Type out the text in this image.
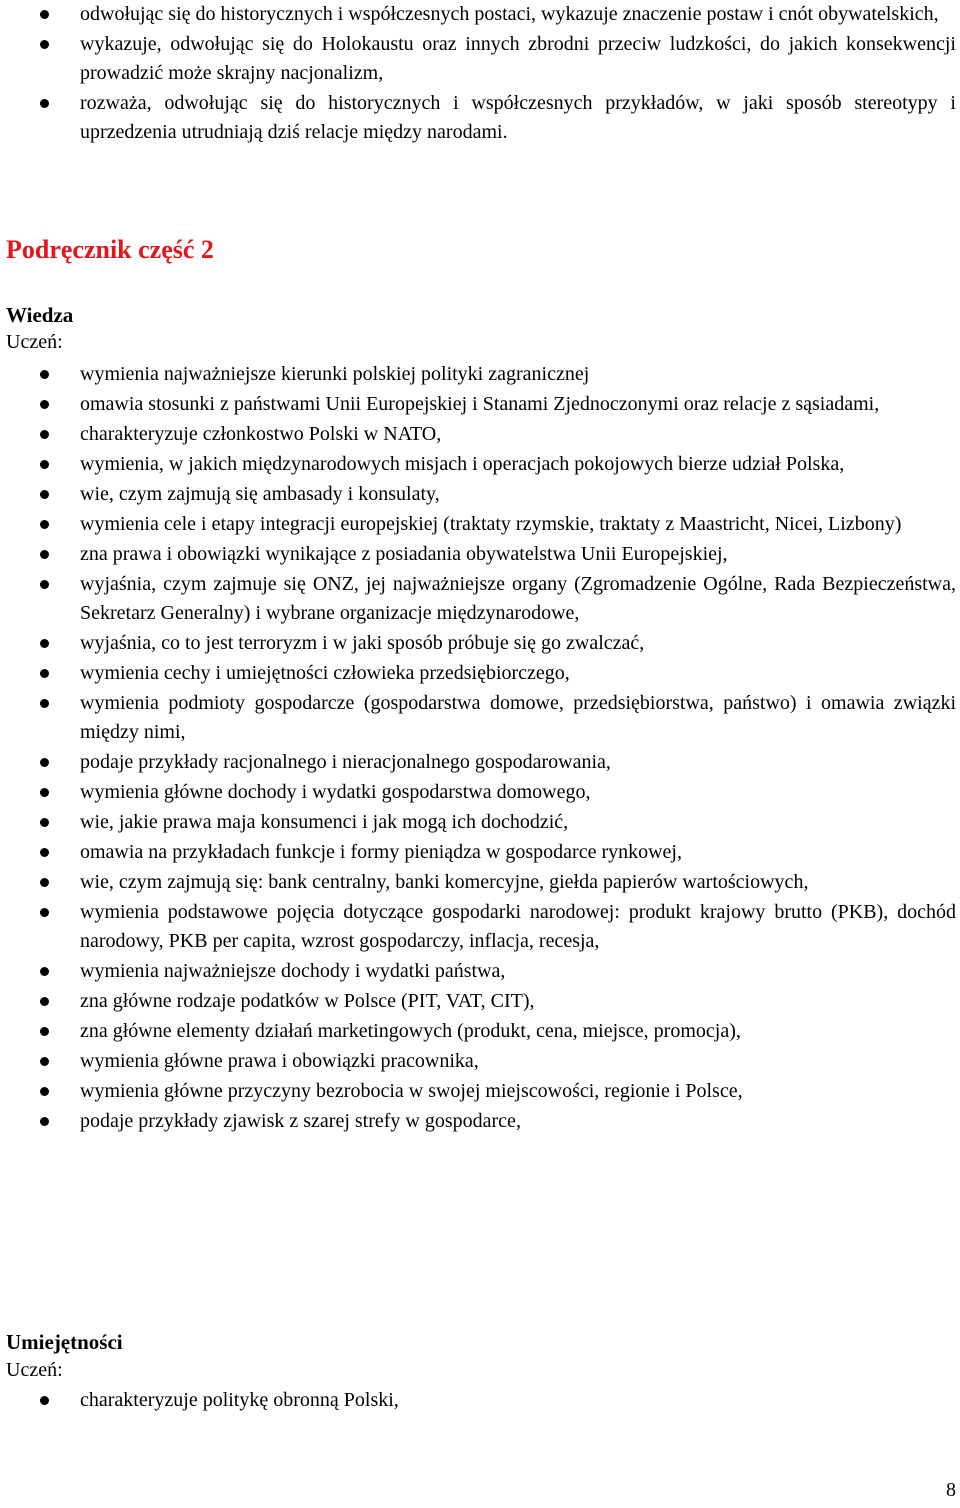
odwołując się do historycznych i współczesnych postaci, wykazuje znaczenie postaw i cnót obywatelskich,
wykazuje, odwołując się do Holokaustu oraz innych zbrodni przeciw ludzkości, do jakich konsekwencji prowadzić może skrajny nacjonalizm,
rozważa, odwołując się do historycznych i współczesnych przykładów, w jaki sposób stereotypy i uprzedzenia utrudniają dziś relacje między narodami.
Podręcznik część 2
Wiedza

Uczeń:

wymienia najważniejsze kierunki polskiej polityki zagranicznej
omawia stosunki z państwami Unii Europejskiej i Stanami Zjednoczonymi oraz relacje z sąsiadami,
charakteryzuje członkostwo Polski w NATO,
wymienia, w jakich międzynarodowych misjach i operacjach pokojowych bierze udział Polska,
wie, czym zajmują się ambasady i konsulaty,
wymienia cele i etapy integracji europejskiej (traktaty rzymskie, traktaty z Maastricht, Nicei, Lizbony)
zna prawa i obowiązki wynikające z posiadania obywatelstwa Unii Europejskiej,
wyjaśnia, czym zajmuje się ONZ, jej najważniejsze organy (Zgromadzenie Ogólne, Rada Bezpieczeństwa, Sekretarz Generalny) i wybrane organizacje międzynarodowe,
wyjaśnia, co to jest terroryzm i w jaki sposób próbuje się go zwalczać,
wymienia cechy i umiejętności człowieka przedsiębiorczego,
wymienia podmioty gospodarcze (gospodarstwa domowe, przedsiębiorstwa, państwo) i omawia związki między nimi,
podaje przykłady racjonalnego i nieracjonalnego gospodarowania,
wymienia główne dochody i wydatki gospodarstwa domowego,
wie, jakie prawa maja konsumenci i jak mogą ich dochodzić,
omawia na przykładach funkcje i formy pieniądza w gospodarce rynkowej,
wie, czym zajmują się: bank centralny, banki komercyjne, giełda papierów wartościowych,
wymienia podstawowe pojęcia dotyczące gospodarki narodowej: produkt krajowy brutto (PKB), dochód narodowy, PKB per capita, wzrost gospodarczy, inflacja, recesja,
wymienia najważniejsze dochody i wydatki państwa,
zna główne rodzaje podatków w Polsce (PIT, VAT, CIT),
zna główne elementy działań marketingowych (produkt, cena, miejsce, promocja),
wymienia główne prawa i obowiązki pracownika,
wymienia główne przyczyny bezrobocia w swojej miejscowości, regionie i Polsce,
podaje przykłady zjawisk z szarej strefy w gospodarce,
Umiejętności

Uczeń:

charakteryzuje politykę obronną Polski,

8
